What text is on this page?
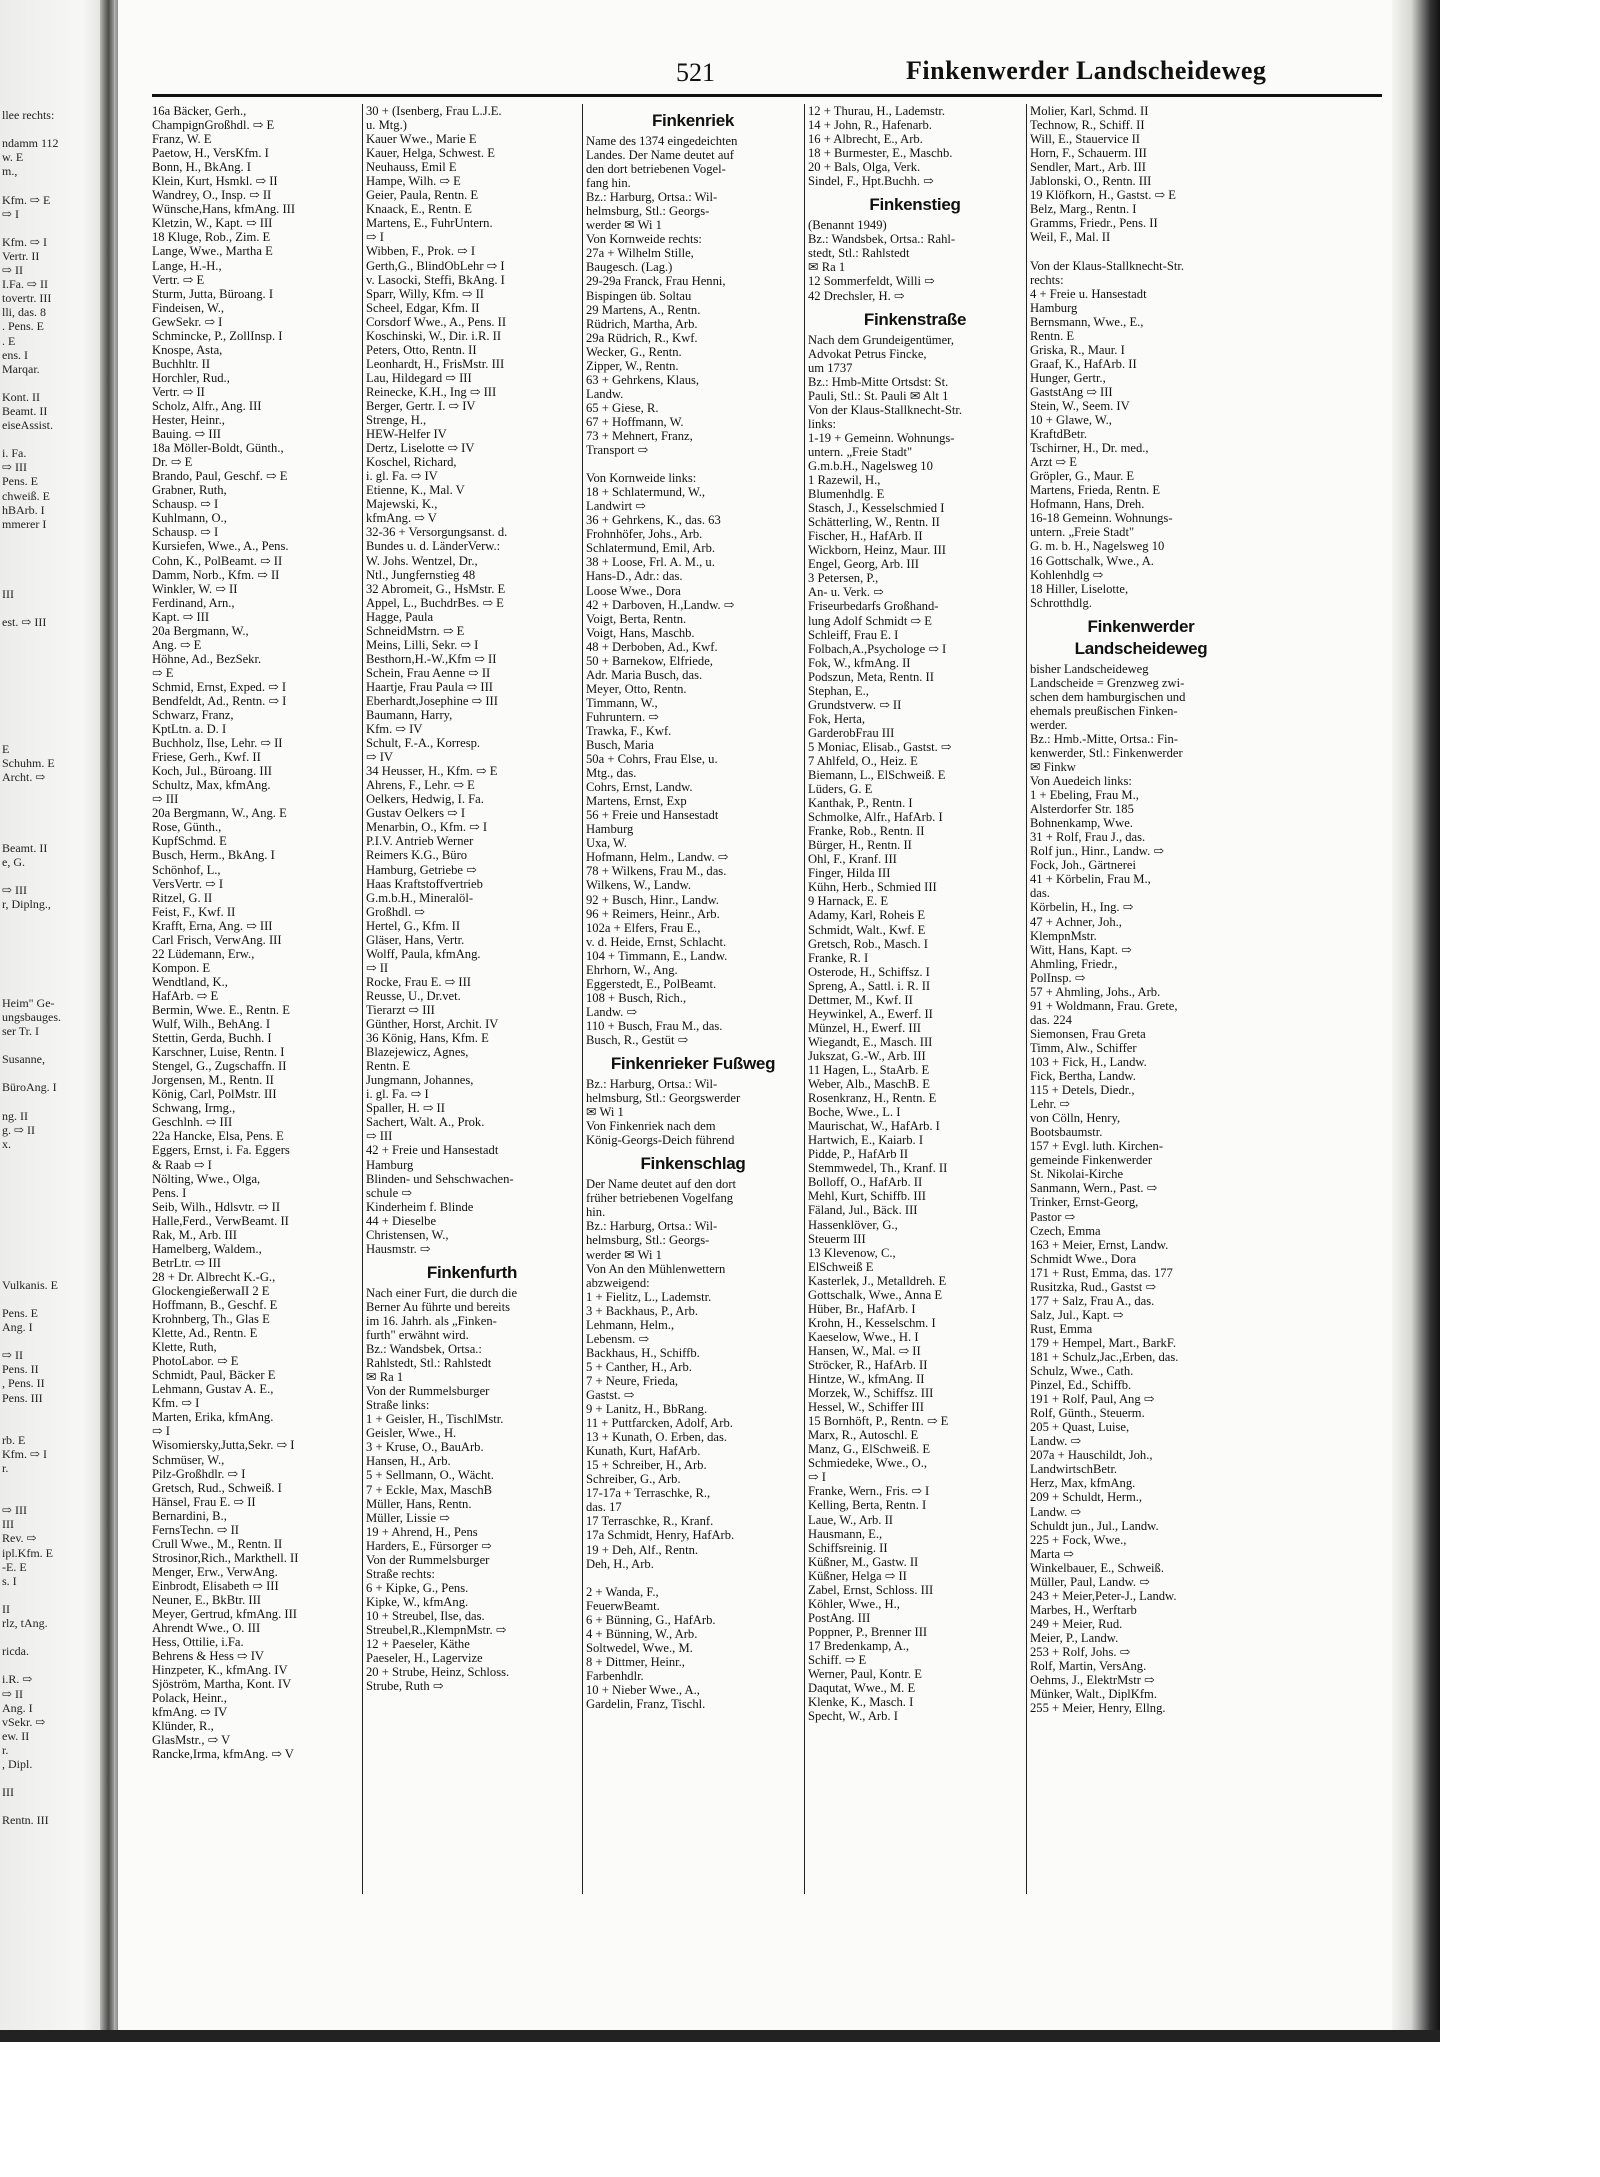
llee rechts:

ndamm 112
w. E
m.,

Kfm. ⇨ E
⇨ I

Kfm. ⇨ I
Vertr. II
⇨ II
I.Fa. ⇨ II
tovertr. III
lli, das. 8
. Pens. E
. E
ens. I
Marqar.

Kont. II
Beamt. II
eiseAssist.

i. Fa.
⇨ III
Pens. E
chweiß. E
hBArb. I
mmerer I

III

est. ⇨ III

E
Schuhm. E
Archt. ⇨

Beamt. II
e, G.

⇨ III
r, Diplng.,

Heim" Ge-
ungsbauges.
ser Tr. I

Susanne,

BüroAng. I

ng. II
g. ⇨ II
x.

Vulkanis. E

Pens. E
Ang. I

⇨ II
Pens. II
, Pens. II
Pens. III

rb. E
Kfm. ⇨ I
r.

⇨ III
III
Rev. ⇨
ipl.Kfm. E
-E. E
s. I

II
rlz, tAng.

ricda.

i.R. ⇨
⇨ II
Ang. I
vSekr. ⇨
ew. II
r.
, Dipl.

III

Rentn. III
521	Finkenwerder Landscheideweg
16a Bäcker, Gerh.,
ChampignGroßhdl. ⇨ E
Franz, W. E
Paetow, H., VersKfm. I
Bonn, H., BkAng. I
Klein, Kurt, Hsmkl. ⇨ II
Wandrey, O., Insp. ⇨ II
Wünsche,Hans, kfmAng. III
Kletzin, W., Kapt. ⇨ III
18 Kluge, Rob., Zim. E
Lange, Wwe., Martha E
Lange, H.-H.,
Vertr. ⇨ E
Sturm, Jutta, Büroang. I
Findeisen, W.,
GewSekr. ⇨ I
Schmincke, P., ZollInsp. I
Knospe, Asta,
Buchhltr. II
Horchler, Rud.,
Vertr. ⇨ II
Scholz, Alfr., Ang. III
Hester, Heinr.,
Bauing. ⇨ III
18a Möller-Boldt, Günth.,
Dr. ⇨ E
Brando, Paul, Geschf. ⇨ E
Grabner, Ruth,
Schausp. ⇨ I
Kuhlmann, O.,
Schausp. ⇨ I
Kursiefen, Wwe., A., Pens.
Cohn, K., PolBeamt. ⇨ II
Damm, Norb., Kfm. ⇨ II
Winkler, W. ⇨ II
Ferdinand, Arn.,
Kapt. ⇨ III
20a Bergmann, W.,
Ang. ⇨ E
Höhne, Ad., BezSekr.
⇨ E
Schmid, Ernst, Exped. ⇨ I
Bendfeldt, Ad., Rentn. ⇨ I
Schwarz, Franz,
KptLtn. a. D. I
Buchholz, Ilse, Lehr. ⇨ II
Friese, Gerh., Kwf. II
Koch, Jul., Büroang. III
Schultz, Max, kfmAng.
⇨ III
20a Bergmann, W., Ang. E
Rose, Günth.,
KupfSchmd. E
Busch, Herm., BkAng. I
Schönhof, L.,
VersVertr. ⇨ I
Ritzel, G. II
Feist, F., Kwf. II
Krafft, Erna, Ang. ⇨ III
Carl Frisch, VerwAng. III
22 Lüdemann, Erw.,
Kompon. E
Wendtland, K.,
HafArb. ⇨ E
Bermin, Wwe. E., Rentn. E
Wulf, Wilh., BehAng. I
Stettin, Gerda, Buchh. I
Karschner, Luise, Rentn. I
Stengel, G., Zugschaffn. II
Jorgensen, M., Rentn. II
König, Carl, PolMstr. III
Schwang, Irmg.,
Geschlnh. ⇨ III
22a Hancke, Elsa, Pens. E
Eggers, Ernst, i. Fa. Eggers
& Raab ⇨ I
Nölting, Wwe., Olga,
Pens. I
Seib, Wilh., Hdlsvtr. ⇨ II
Halle,Ferd., VerwBeamt. II
Rak, M., Arb. III
Hamelberg, Waldem.,
BetrLtr. ⇨ III
28 + Dr. Albrecht K.-G.,
GlockengießerwaII 2 E
Hoffmann, B., Geschf. E
Krohnberg, Th., Glas E
Klette, Ad., Rentn. E
Klette, Ruth,
PhotoLabor. ⇨ E
Schmidt, Paul, Bäcker E
Lehmann, Gustav A. E.,
Kfm. ⇨ I
Marten, Erika, kfmAng.
⇨ I
Wisomiersky,Jutta,Sekr. ⇨ I
Schmüser, W.,
Pilz-Großhdlr. ⇨ I
Gretsch, Rud., Schweiß. I
Hänsel, Frau E. ⇨ II
Bernardini, B.,
FernsTechn. ⇨ II
Crull Wwe., M., Rentn. II
Strosinor,Rich., Markthell. II
Menger, Erw., VerwAng.
Einbrodt, Elisabeth ⇨ III
Neuner, E., BkBtr. III
Meyer, Gertrud, kfmAng. III
Ahrendt Wwe., O. III
Hess, Ottilie, i.Fa.
Behrens & Hess ⇨ IV
Hinzpeter, K., kfmAng. IV
Sjöström, Martha, Kont. IV
Polack, Heinr.,
kfmAng. ⇨ IV
Klünder, R.,
GlasMstr., ⇨ V
Rancke,Irma, kfmAng. ⇨ V
30 + (Isenberg, Frau L.J.E.
u. Mtg.)
Kauer Wwe., Marie E
Kauer, Helga, Schwest. E
Neuhauss, Emil E
Hampe, Wilh. ⇨ E
Geier, Paula, Rentn. E
Knaack, E., Rentn. E
Martens, E., FuhrUntern.
⇨ I
Wibben, F., Prok. ⇨ I
Gerth,G., BlindObLehr ⇨ I
v. Lasocki, Steffi, BkAng. I
Sparr, Willy, Kfm. ⇨ II
Scheel, Edgar, Kfm. II
Corsdorf Wwe., A., Pens. II
Koschinski, W., Dir. i.R. II
Peters, Otto, Rentn. II
Leonhardt, H., FrisMstr. III
Lau, Hildegard ⇨ III
Reinecke, K.H., Ing ⇨ III
Berger, Gertr. I. ⇨ IV
Strenge, H.,
HEW-Helfer IV
Dertz, Liselotte ⇨ IV
Koschel, Richard,
i. gl. Fa. ⇨ IV
Etienne, K., Mal. V
Majewski, K.,
kfmAng. ⇨ V
32-36 + Versorgungsanst. d.
Bundes u. d. LänderVerw.:
W. Johs. Wentzel, Dr.,
Ntl., Jungfernstieg 48
32 Abromeit, G., HsMstr. E
Appel, L., BuchdrBes. ⇨ E
Hagge, Paula
SchneidMstrn. ⇨ E
Meins, Lilli, Sekr. ⇨ I
Besthorn,H.-W.,Kfm ⇨ II
Schein, Frau Aenne ⇨ II
Haartje, Frau Paula ⇨ III
Eberhardt,Josephine ⇨ III
Baumann, Harry,
Kfm. ⇨ IV
Schult, F.-A., Korresp.
⇨ IV
34 Heusser, H., Kfm. ⇨ E
Ahrens, F., Lehr. ⇨ E
Oelkers, Hedwig, I. Fa.
Gustav Oelkers ⇨ I
Menarbin, O., Kfm. ⇨ I
P.I.V. Antrieb Werner
Reimers K.G., Büro
Hamburg, Getriebe ⇨
Haas Kraftstoffvertrieb
G.m.b.H., Mineralöl-
Großhdl. ⇨
Hertel, G., Kfm. II
Gläser, Hans, Vertr.
Wolff, Paula, kfmAng.
⇨ II
Rocke, Frau E. ⇨ III
Reusse, U., Dr.vet.
Tierarzt ⇨ III
Günther, Horst, Archit. IV
36 König, Hans, Kfm. E
Blazejewicz, Agnes,
Rentn. E
Jungmann, Johannes,
i. gl. Fa. ⇨ I
Spaller, H. ⇨ II
Sachert, Walt. A., Prok.
⇨ III
42 + Freie und Hansestadt
Hamburg
Blinden- und Sehschwachen-
schule ⇨
Kinderheim f. Blinde
44 + Dieselbe
Christensen, W.,
Hausmstr. ⇨
Finkenfurth
Nach einer Furt, die durch die
Berner Au führte und bereits
im 16. Jahrh. als „Finken-
furth" erwähnt wird.
Bz.: Wandsbek, Ortsa.:
Rahlstedt, Stl.: Rahlstedt
✉ Ra 1
Von der Rummelsburger
Straße links:
1 + Geisler, H., TischlMstr.
Geisler, Wwe., H.
3 + Kruse, O., BauArb.
Hansen, H., Arb.
5 + Sellmann, O., Wächt.
7 + Eckle, Max, MaschB
Müller, Hans, Rentn.
Müller, Lissie ⇨
19 + Ahrend, H., Pens
Harders, E., Fürsorger ⇨
Von der Rummelsburger
Straße rechts:
6 + Kipke, G., Pens.
Kipke, W., kfmAng.
10 + Streubel, Ilse, das.
Streubel,R.,KlempnMstr. ⇨
12 + Paeseler, Käthe
Paeseler, H., Lagervize
20 + Strube, Heinz, Schloss.
Strube, Ruth ⇨
Finkenriek
Name des 1374 eingedeichten
Landes. Der Name deutet auf
den dort betriebenen Vogel-
fang hin.
Bz.: Harburg, Ortsa.: Wil-
helmsburg, Stl.: Georgs-
werder ✉ Wi 1
Von Kornweide rechts:
27a + Wilhelm Stille,
Baugesch. (Lag.)
29-29a Franck, Frau Henni,
Bispingen üb. Soltau
29 Martens, A., Rentn.
Rüdrich, Martha, Arb.
29a Rüdrich, R., Kwf.
Wecker, G., Rentn.
Zipper, W., Rentn.
63 + Gehrkens, Klaus,
Landw.
65 + Giese, R.
67 + Hoffmann, W.
73 + Mehnert, Franz,
Transport ⇨

Von Kornweide links:
18 + Schlatermund, W.,
Landwirt ⇨
36 + Gehrkens, K., das. 63
Frohnhöfer, Johs., Arb.
Schlatermund, Emil, Arb.
38 + Loose, Frl. A. M., u.
Hans-D., Adr.: das.
Loose Wwe., Dora
42 + Darboven, H.,Landw. ⇨
Voigt, Berta, Rentn.
Voigt, Hans, Maschb.
48 + Derboben, Ad., Kwf.
50 + Barnekow, Elfriede,
Adr. Maria Busch, das.
Meyer, Otto, Rentn.
Timmann, W.,
Fuhruntern. ⇨
Trawka, F., Kwf.
Busch, Maria
50a + Cohrs, Frau Else, u.
Mtg., das.
Cohrs, Ernst, Landw.
Martens, Ernst, Exp
56 + Freie und Hansestadt
Hamburg
Uxa, W.
Hofmann, Helm., Landw. ⇨
78 + Wilkens, Frau M., das.
Wilkens, W., Landw.
92 + Busch, Hinr., Landw.
96 + Reimers, Heinr., Arb.
102a + Elfers, Frau E.,
v. d. Heide, Ernst, Schlacht.
104 + Timmann, E., Landw.
Ehrhorn, W., Ang.
Eggerstedt, E., PolBeamt.
108 + Busch, Rich.,
Landw. ⇨
110 + Busch, Frau M., das.
Busch, R., Gestüt ⇨
Finkenrieker Fußweg
Bz.: Harburg, Ortsa.: Wil-
helmsburg, Stl.: Georgswerder
✉ Wi 1
Von Finkenriek nach dem
König-Georgs-Deich führend
Finkenschlag
Der Name deutet auf den dort
früher betriebenen Vogelfang
hin.
Bz.: Harburg, Ortsa.: Wil-
helmsburg, Stl.: Georgs-
werder ✉ Wi 1
Von An den Mühlenwettern
abzweigend:
1 + Fielitz, L., Lademstr.
3 + Backhaus, P., Arb.
Lehmann, Helm.,
Lebensm. ⇨
Backhaus, H., Schiffb.
5 + Canther, H., Arb.
7 + Neure, Frieda,
Gastst. ⇨
9 + Lanitz, H., BbRang.
11 + Puttfarcken, Adolf, Arb.
13 + Kunath, O. Erben, das.
Kunath, Kurt, HafArb.
15 + Schreiber, H., Arb.
Schreiber, G., Arb.
17-17a + Terraschke, R.,
das. 17
17 Terraschke, R., Kranf.
17a Schmidt, Henry, HafArb.
19 + Deh, Alf., Rentn.
Deh, H., Arb.

2 + Wanda, F.,
FeuerwBeamt.
6 + Bünning, G., HafArb.
4 + Bünning, W., Arb.
Soltwedel, Wwe., M.
8 + Dittmer, Heinr.,
Farbenhdlr.
10 + Nieber Wwe., A.,
Gardelin, Franz, Tischl.
12 + Thurau, H., Lademstr.
14 + John, R., Hafenarb.
16 + Albrecht, E., Arb.
18 + Burmester, E., Maschb.
20 + Bals, Olga, Verk.
Sindel, F., Hpt.Buchh. ⇨
Finkenstieg
(Benannt 1949)
Bz.: Wandsbek, Ortsa.: Rahl-
stedt, Stl.: Rahlstedt
✉ Ra 1
12 Sommerfeldt, Willi ⇨
42 Drechsler, H. ⇨
Finkenstraße
Nach dem Grundeigentümer,
Advokat Petrus Fincke,
um 1737
Bz.: Hmb-Mitte Ortsdst: St.
Pauli, Stl.: St. Pauli ✉ Alt 1
Von der Klaus-Stallknecht-Str.
links:
1-19 + Gemeinn. Wohnungs-
untern. „Freie Stadt"
G.m.b.H., Nagelsweg 10
1 Razewil, H.,
Blumenhdlg. E
Stasch, J., Kesselschmied I
Schätterling, W., Rentn. II
Fischer, H., HafArb. II
Wickborn, Heinz, Maur. III
Engel, Georg, Arb. III
3 Petersen, P.,
An- u. Verk. ⇨
Friseurbedarfs Großhand-
lung Adolf Schmidt ⇨ E
Schleiff, Frau E. I
Folbach,A.,Psychologe ⇨ I
Fok, W., kfmAng. II
Podszun, Meta, Rentn. II
Stephan, E.,
Grundstverw. ⇨ II
Fok, Herta,
GarderobFrau III
5 Moniac, Elisab., Gastst. ⇨
7 Ahlfeld, O., Heiz. E
Biemann, L., ElSchweiß. E
Lüders, G. E
Kanthak, P., Rentn. I
Schmolke, Alfr., HafArb. I
Franke, Rob., Rentn. II
Bürger, H., Rentn. II
Ohl, F., Kranf. III
Finger, Hilda III
Kühn, Herb., Schmied III
9 Harnack, E. E
Adamy, Karl, Roheis E
Schmidt, Walt., Kwf. E
Gretsch, Rob., Masch. I
Franke, R. I
Osterode, H., Schiffsz. I
Spreng, A., Sattl. i. R. II
Dettmer, M., Kwf. II
Heywinkel, A., Ewerf. II
Münzel, H., Ewerf. III
Wiegandt, E., Masch. III
Jukszat, G.-W., Arb. III
11 Hagen, L., StaArb. E
Weber, Alb., MaschB. E
Rosenkranz, H., Rentn. E
Boche, Wwe., L. I
Maurischat, W., HafArb. I
Hartwich, E., Kaiarb. I
Pidde, P., HafArb II
Stemmwedel, Th., Kranf. II
Bolloff, O., HafArb. II
Mehl, Kurt, Schiffb. III
Fäland, Jul., Bäck. III
Hassenklöver, G.,
Steuerm III
13 Klevenow, C.,
ElSchweiß E
Kasterlek, J., Metalldreh. E
Gottschalk, Wwe., Anna E
Hüber, Br., HafArb. I
Krohn, H., Kesselschm. I
Kaeselow, Wwe., H. I
Hansen, W., Mal. ⇨ II
Ströcker, R., HafArb. II
Hintze, W., kfmAng. II
Morzek, W., Schiffsz. III
Hessel, W., Schiffer III
15 Bornhöft, P., Rentn. ⇨ E
Marx, R., Autoschl. E
Manz, G., ElSchweiß. E
Schmiedeke, Wwe., O.,
⇨ I
Franke, Wern., Fris. ⇨ I
Kelling, Berta, Rentn. I
Laue, W., Arb. II
Hausmann, E.,
Schiffsreinig. II
Küßner, M., Gastw. II
Küßner, Helga ⇨ II
Zabel, Ernst, Schloss. III
Köhler, Wwe., H.,
PostAng. III
Poppner, P., Brenner III
17 Bredenkamp, A.,
Schiff. ⇨ E
Werner, Paul, Kontr. E
Daqutat, Wwe., M. E
Klenke, K., Masch. I
Specht, W., Arb. I
Molier, Karl, Schmd. II
Technow, R., Schiff. II
Will, E., Stauervice II
Horn, F., Schauerm. III
Sendler, Mart., Arb. III
Jablonski, O., Rentn. III
19 Klöfkorn, H., Gastst. ⇨ E
Belz, Marg., Rentn. I
Gramms, Friedr., Pens. II
Weil, F., Mal. II

Von der Klaus-Stallknecht-Str.
rechts:
4 + Freie u. Hansestadt
Hamburg
Bernsmann, Wwe., E.,
Rentn. E
Griska, R., Maur. I
Graaf, K., HafArb. II
Hunger, Gertr.,
GaststAng ⇨ III
Stein, W., Seem. IV
10 + Glawe, W.,
KraftdBetr.
Tschirner, H., Dr. med.,
Arzt ⇨ E
Gröpler, G., Maur. E
Martens, Frieda, Rentn. E
Hofmann, Hans, Dreh.
16-18 Gemeinn. Wohnungs-
untern. „Freie Stadt"
G. m. b. H., Nagelsweg 10
16 Gottschalk, Wwe., A.
Kohlenhdlg ⇨
18 Hiller, Liselotte,
Schrotthdlg.
Finkenwerder Landscheideweg
bisher Landscheideweg
Landscheide = Grenzweg zwi-
schen dem hamburgischen und
ehemals preußischen Finken-
werder.
Bz.: Hmb.-Mitte, Ortsa.: Fin-
kenwerder, Stl.: Finkenwerder
✉ Finkw
Von Auedeich links:
1 + Ebeling, Frau M.,
Alsterdorfer Str. 185
Bohnenkamp, Wwe.
31 + Rolf, Frau J., das.
Rolf jun., Hinr., Landw. ⇨
Fock, Joh., Gärtnerei
41 + Körbelin, Frau M.,
das.
Körbelin, H., Ing. ⇨
47 + Achner, Joh.,
KlempnMstr.
Witt, Hans, Kapt. ⇨
Ahmling, Friedr.,
PolInsp. ⇨
57 + Ahmling, Johs., Arb.
91 + Woldmann, Frau. Grete,
das. 224
Siemonsen, Frau Greta
Timm, Alw., Schiffer
103 + Fick, H., Landw.
Fick, Bertha, Landw.
115 + Detels, Diedr.,
Lehr. ⇨
von Cölln, Henry,
Bootsbaumstr.
157 + Evgl. luth. Kirchen-
gemeinde Finkenwerder
St. Nikolai-Kirche
Sanmann, Wern., Past. ⇨
Trinker, Ernst-Georg,
Pastor ⇨
Czech, Emma
163 + Meier, Ernst, Landw.
Schmidt Wwe., Dora
171 + Rust, Emma, das. 177
Rusitzka, Rud., Gastst ⇨
177 + Salz, Frau A., das.
Salz, Jul., Kapt. ⇨
Rust, Emma
179 + Hempel, Mart., BarkF.
181 + Schulz,Jac.,Erben, das.
Schulz, Wwe., Cath.
Pinzel, Ed., Schiffb.
191 + Rolf, Paul, Ang ⇨
Rolf, Günth., Steuerm.
205 + Quast, Luise,
Landw. ⇨
207a + Hauschildt, Joh.,
LandwirtschBetr.
Herz, Max, kfmAng.
209 + Schuldt, Herm.,
Landw. ⇨
Schuldt jun., Jul., Landw.
225 + Fock, Wwe.,
Marta ⇨
Winkelbauer, E., Schweiß.
Müller, Paul, Landw. ⇨
243 + Meier,Peter-J., Landw.
Marbes, H., Werftarb
249 + Meier, Rud.
Meier, P., Landw.
253 + Rolf, Johs. ⇨
Rolf, Martin, VersAng.
Oehms, J., ElektrMstr ⇨
Münker, Walt., DiplKfm.
255 + Meier, Henry, Ellng.
